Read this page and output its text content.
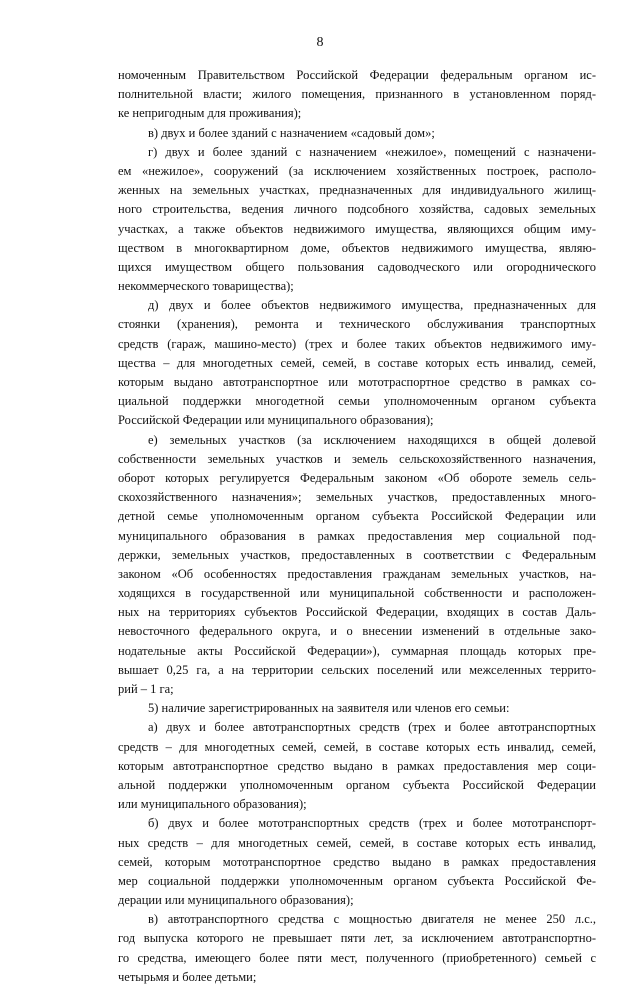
8
номоченным Правительством Российской Федерации федеральным органом ис-
полнительной власти; жилого помещения, признанного в установленном поряд-
ке непригодным для проживания);
в) двух и более зданий с назначением «садовый дом»;
г) двух и более зданий с назначением «нежилое», помещений с назначени-
ем «нежилое», сооружений (за исключением хозяйственных построек, располо-
женных на земельных участках, предназначенных для индивидуального жилищ-
ного строительства, ведения личного подсобного хозяйства, садовых земельных
участках, а также объектов недвижимого имущества, являющихся общим иму-
ществом в многоквартирном доме, объектов недвижимого имущества, являю-
щихся имуществом общего пользования садоводческого или огороднического
некоммерческого товарищества);
д) двух и более объектов недвижимого имущества, предназначенных для
стоянки (хранения), ремонта и технического обслуживания транспортных
средств (гараж, машино-место) (трех и более таких объектов недвижимого иму-
щества – для многодетных семей, семей, в составе которых есть инвалид, семей,
которым выдано автотранспортное или мототраспортное средство в рамках со-
циальной поддержки многодетной семьи уполномоченным органом субъекта
Российской Федерации или муниципального образования);
е) земельных участков (за исключением находящихся в общей долевой
собственности земельных участков и земель сельскохозяйственного назначения,
оборот которых регулируется Федеральным законом «Об обороте земель сель-
скохозяйственного назначения»; земельных участков, предоставленных много-
детной семье уполномоченным органом субъекта Российской Федерации или
муниципального образования в рамках предоставления мер социальной под-
держки, земельных участков, предоставленных в соответствии с Федеральным
законом «Об особенностях предоставления гражданам земельных участков, на-
ходящихся в государственной или муниципальной собственности и расположен-
ных на территориях субъектов Российской Федерации, входящих в состав Даль-
невосточного федерального округа, и о внесении изменений в отдельные зако-
нодательные акты Российской Федерации»), суммарная площадь которых пре-
вышает 0,25 га, а на территории сельских поселений или межселенных террито-
рий – 1 га;
5) наличие зарегистрированных на заявителя или членов его семьи:
а) двух и более автотранспортных средств (трех и более автотранспортных
средств – для многодетных семей, семей, в составе которых есть инвалид, семей,
которым автотранспортное средство выдано в рамках предоставления мер соци-
альной поддержки уполномоченным органом субъекта Российской Федерации
или муниципального образования);
б) двух и более мототранспортных средств (трех и более мототранспорт-
ных средств – для многодетных семей, семей, в составе которых есть инвалид,
семей, которым мототранспортное средство выдано в рамках предоставления
мер социальной поддержки уполномоченным органом субъекта Российской Фе-
дерации или муниципального образования);
в) автотранспортного средства с мощностью двигателя не менее 250 л.с.,
год выпуска которого не превышает пяти лет, за исключением автотранспортно-
го средства, имеющего более пяти мест, полученного (приобретенного) семьей с
четырьмя и более детьми;
